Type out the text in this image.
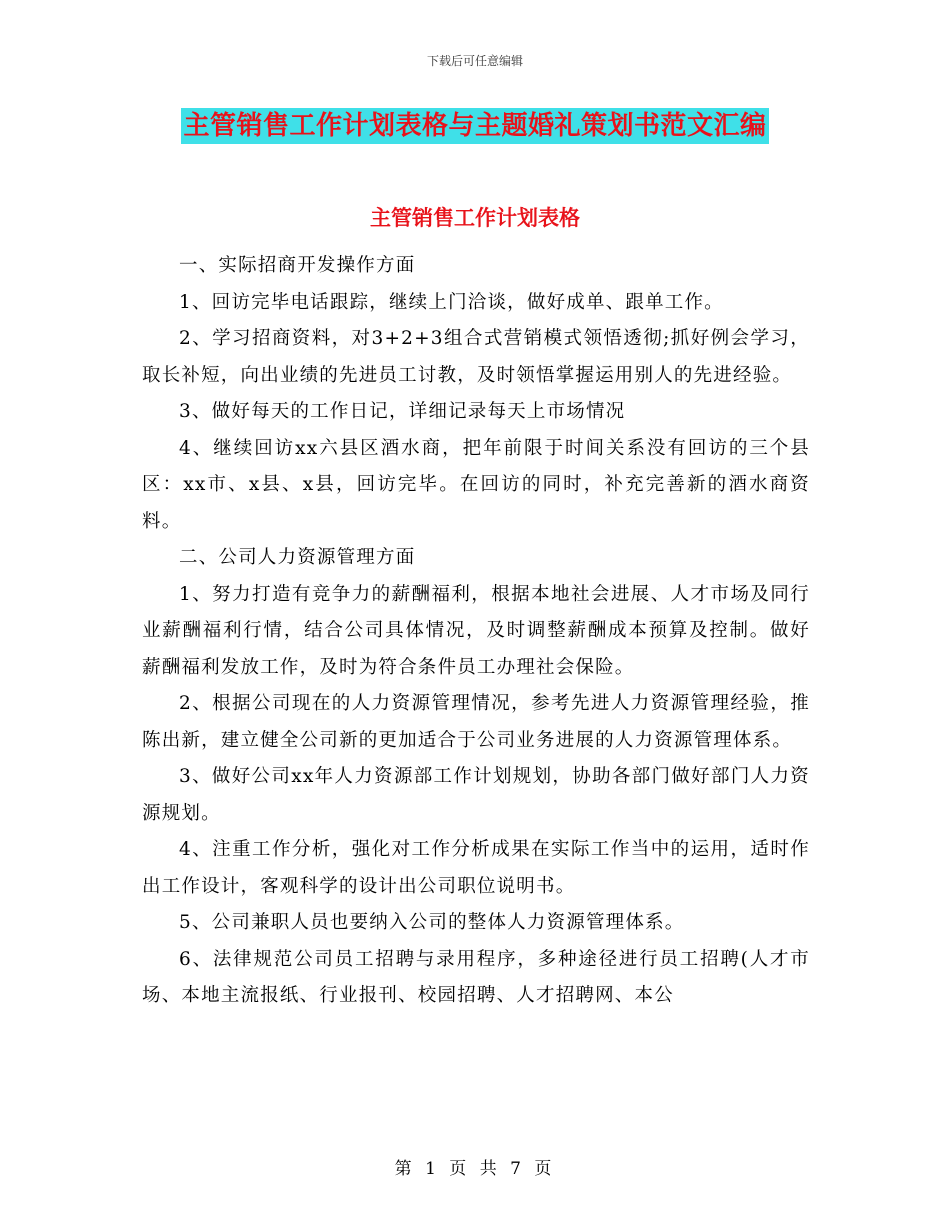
下载后可任意编辑
主管销售工作计划表格与主题婚礼策划书范文汇编
主管销售工作计划表格

一、实际招商开发操作方面

1、回访完毕电话跟踪，继续上门洽谈，做好成单、跟单工作。

2、学习招商资料，对3+2+3组合式营销模式领悟透彻;抓好例会学习，取长补短，向出业绩的先进员工讨教，及时领悟掌握运用别人的先进经验。

3、做好每天的工作日记，详细记录每天上市场情况

4、继续回访xx六县区酒水商，把年前限于时间关系没有回访的三个县区：xx市、x县、x县，回访完毕。在回访的同时，补充完善新的酒水商资料。

二、公司人力资源管理方面

1、努力打造有竞争力的薪酬福利，根据本地社会进展、人才市场及同行业薪酬福利行情，结合公司具体情况，及时调整薪酬成本预算及控制。做好薪酬福利发放工作，及时为符合条件员工办理社会保险。

2、根据公司现在的人力资源管理情况，参考先进人力资源管理经验，推陈出新，建立健全公司新的更加适合于公司业务进展的人力资源管理体系。

3、做好公司xx年人力资源部工作计划规划，协助各部门做好部门人力资源规划。

4、注重工作分析，强化对工作分析成果在实际工作当中的运用，适时作出工作设计，客观科学的设计出公司职位说明书。

5、公司兼职人员也要纳入公司的整体人力资源管理体系。

6、法律规范公司员工招聘与录用程序，多种途径进行员工招聘(人才市场、本地主流报纸、行业报刊、校园招聘、人才招聘网、本公

第 1 页 共 7 页
